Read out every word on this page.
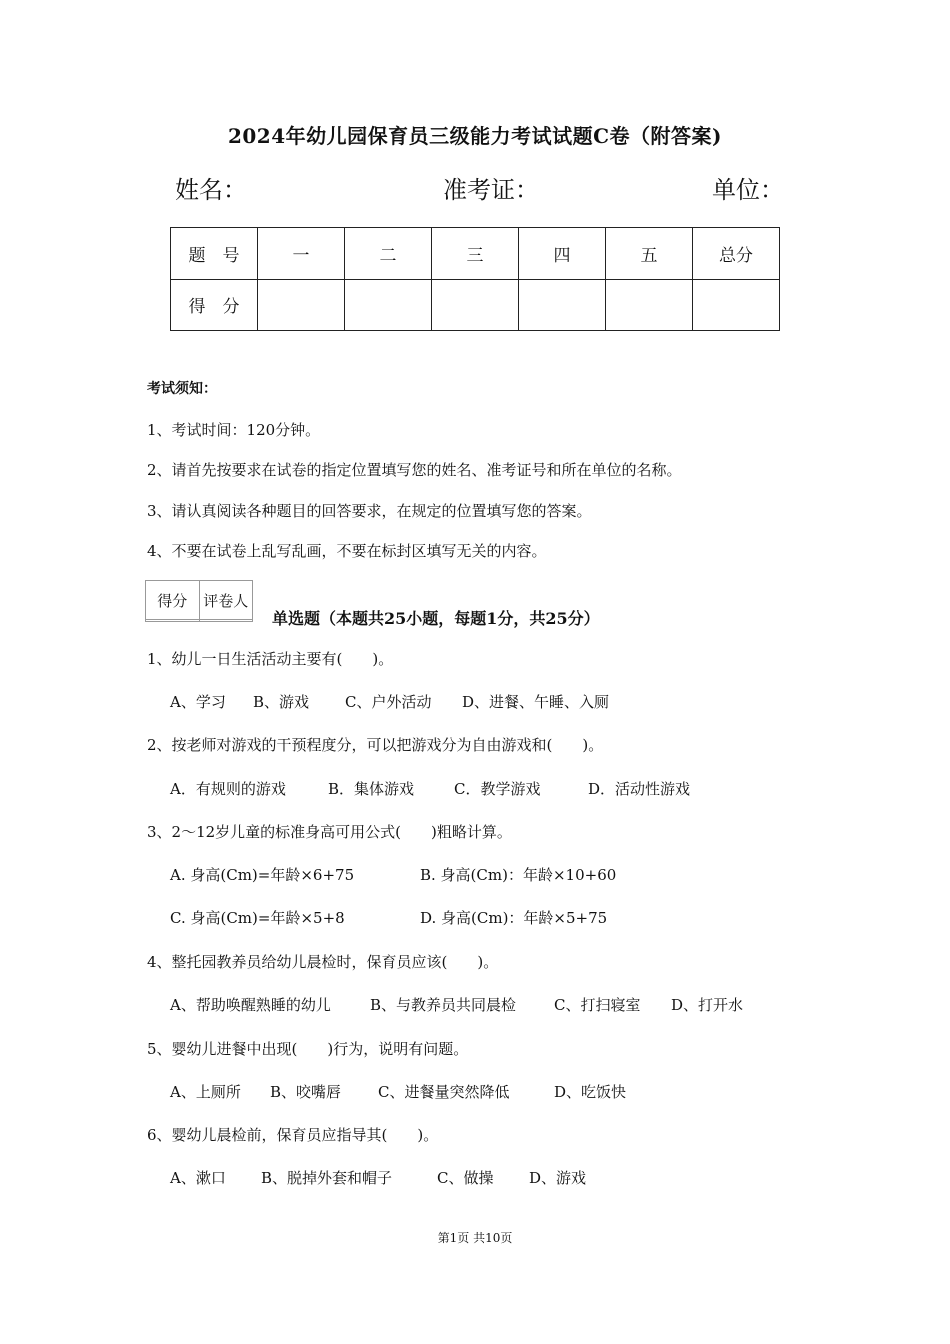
2024年幼儿园保育员三级能力考试试题C卷（附答案)
姓名：	准考证：	单位：
题　号	一	二	三	四	五	总分
得　分						
考试须知：
1、考试时间：120分钟。
2、请首先按要求在试卷的指定位置填写您的姓名、准考证号和所在单位的名称。
3、请认真阅读各种题目的回答要求，在规定的位置填写您的答案。
4、不要在试卷上乱写乱画，不要在标封区填写无关的内容。
得分	评卷人

单选题（本题共25小题，每题1分，共25分）
1、幼儿一日生活活动主要有(　　)。
A、学习 B、游戏 C、户外活动 D、进餐、午睡、入厕
2、按老师对游戏的干预程度分，可以把游戏分为自由游戏和(　　)。
A．有规则的游戏	B．集体游戏	C．教学游戏	D．活动性游戏
3、2～12岁儿童的标准身高可用公式(　　)粗略计算。
A. 身高(Cm)=年龄×6+75	B. 身高(Cm)：年龄×10+60
C. 身高(Cm)=年龄×5+8	D. 身高(Cm)：年龄×5+75
4、整托园教养员给幼儿晨检时，保育员应该(　　)。
A、帮助唤醒熟睡的幼儿	B、与教养员共同晨检	C、打扫寝室 D、打开水
5、婴幼儿进餐中出现(　　)行为，说明有问题。
A、上厕所 B、咬嘴唇 C、进餐量突然降低	D、吃饭快
6、婴幼儿晨检前，保育员应指导其(　　)。
A、漱口 B、脱掉外套和帽子	C、做操 D、游戏
第1页 共10页
